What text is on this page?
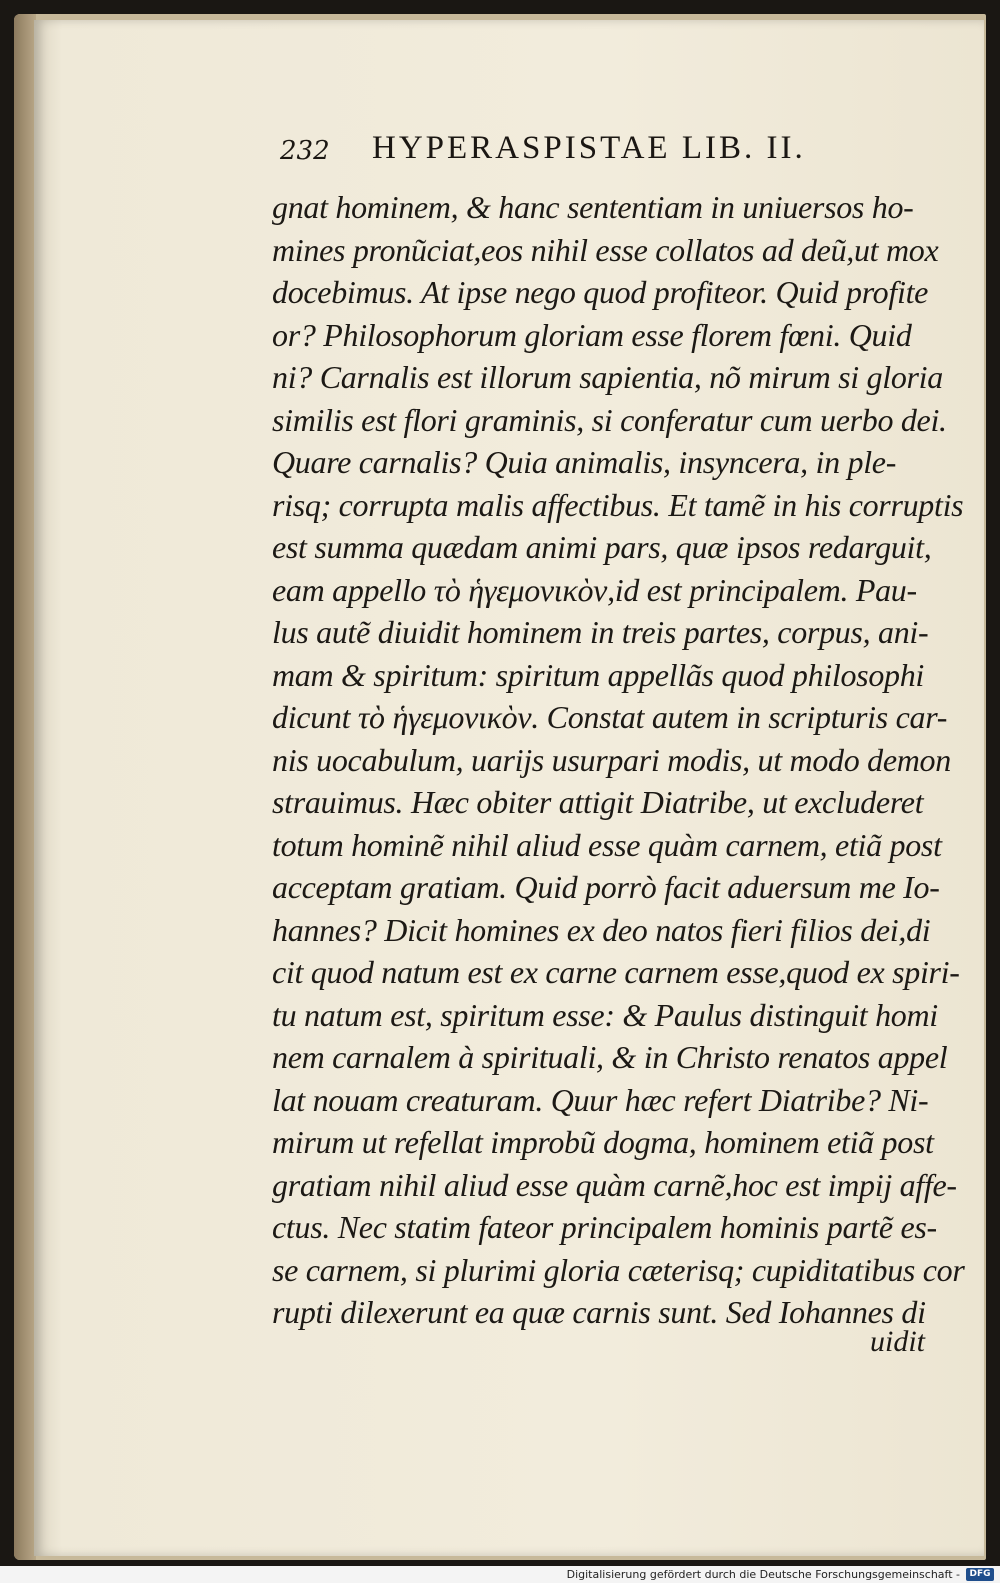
232 HYPERASPISTAE LIB. II.
gnat hominem, & hanc sententiam in uniuersos ho-
mines pronũciat,eos nihil esse collatos ad deũ,ut mox
docebimus. At ipse nego quod profiteor. Quid profite
or? Philosophorum gloriam esse florem fœni. Quid
ni? Carnalis est illorum sapientia, nõ mirum si gloria
similis est flori graminis, si conferatur cum uerbo dei.
Quare carnalis? Quia animalis, insyncera, in ple-
risq; corrupta malis affectibus. Et tamẽ in his corruptis
est summa quædam animi pars, quæ ipsos redarguit,
eam appello τὸ ἡγεμονικὸν,id est principalem. Pau-
lus autẽ diuidit hominem in treis partes, corpus, ani-
mam & spiritum: spiritum appellãs quod philosophi
dicunt τὸ ἡγεμονικὸν. Constat autem in scripturis car-
nis uocabulum, uarijs usurpari modis, ut modo demon
strauimus. Hæc obiter attigit Diatribe, ut excluderet
totum hominẽ nihil aliud esse quàm carnem, etiã post
acceptam gratiam. Quid porrò facit aduersum me Io-
hannes? Dicit homines ex deo natos fieri filios dei,di
cit quod natum est ex carne carnem esse,quod ex spiri-
tu natum est, spiritum esse: & Paulus distinguit homi
nem carnalem à spirituali, & in Christo renatos appel
lat nouam creaturam. Quur hæc refert Diatribe? Ni-
mirum ut refellat improbũ dogma, hominem etiã post
gratiam nihil aliud esse quàm carnẽ,hoc est impij affe-
ctus. Nec statim fateor principalem hominis partẽ es-
se carnem, si plurimi gloria cæterisq; cupiditatibus cor
rupti dilexerunt ea quæ carnis sunt. Sed Iohannes di
uidit
Digitalisierung gefördert durch die Deutsche Forschungsgemeinschaft -	DFG
